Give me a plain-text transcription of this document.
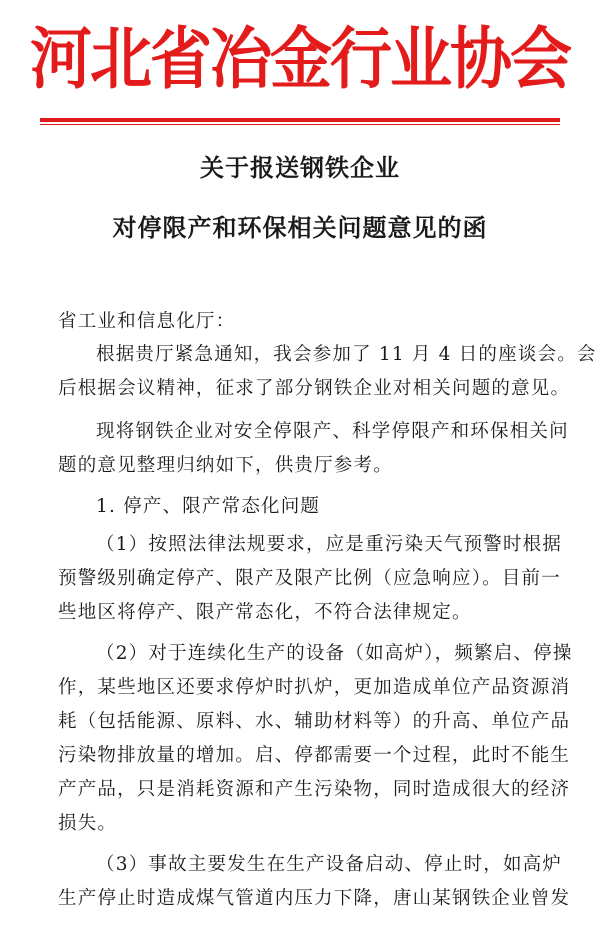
河北省冶金行业协会
关于报送钢铁企业
对停限产和环保相关问题意见的函
省工业和信息化厅：
根据贵厅紧急通知，我会参加了 11 月 4 日的座谈会。会
后根据会议精神，征求了部分钢铁企业对相关问题的意见。
现将钢铁企业对安全停限产、科学停限产和环保相关问
题的意见整理归纳如下，供贵厅参考。
1. 停产、限产常态化问题
（1）按照法律法规要求，应是重污染天气预警时根据
预警级别确定停产、限产及限产比例（应急响应）。目前一
些地区将停产、限产常态化，不符合法律规定。
（2）对于连续化生产的设备（如高炉），频繁启、停操
作，某些地区还要求停炉时扒炉，更加造成单位产品资源消
耗（包括能源、原料、水、辅助材料等）的升高、单位产品
污染物排放量的增加。启、停都需要一个过程，此时不能生
产产品，只是消耗资源和产生污染物，同时造成很大的经济
损失。
（3）事故主要发生在生产设备启动、停止时，如高炉
生产停止时造成煤气管道内压力下降，唐山某钢铁企业曾发
